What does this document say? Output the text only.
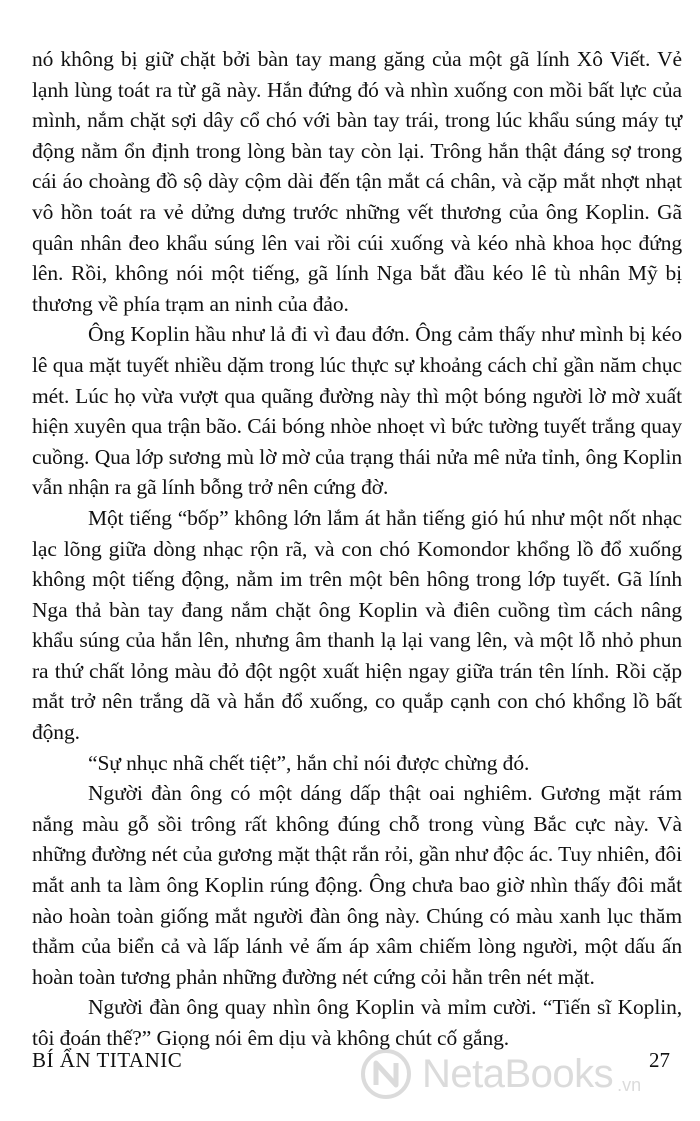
nó không bị giữ chặt bởi bàn tay mang găng của một gã lính Xô Viết. Vẻ lạnh lùng toát ra từ gã này. Hắn đứng đó và nhìn xuống con mồi bất lực của mình, nắm chặt sợi dây cổ chó với bàn tay trái, trong lúc khẩu súng máy tự động nằm ổn định trong lòng bàn tay còn lại. Trông hắn thật đáng sợ trong cái áo choàng đồ sộ dày cộm dài đến tận mắt cá chân, và cặp mắt nhợt nhạt vô hồn toát ra vẻ dửng dưng trước những vết thương của ông Koplin. Gã quân nhân đeo khẩu súng lên vai rồi cúi xuống và kéo nhà khoa học đứng lên. Rồi, không nói một tiếng, gã lính Nga bắt đầu kéo lê tù nhân Mỹ bị thương về phía trạm an ninh của đảo.

Ông Koplin hầu như lả đi vì đau đớn. Ông cảm thấy như mình bị kéo lê qua mặt tuyết nhiều dặm trong lúc thực sự khoảng cách chỉ gần năm chục mét. Lúc họ vừa vượt qua quãng đường này thì một bóng người lờ mờ xuất hiện xuyên qua trận bão. Cái bóng nhòe nhoẹt vì bức tường tuyết trắng quay cuồng. Qua lớp sương mù lờ mờ của trạng thái nửa mê nửa tỉnh, ông Koplin vẫn nhận ra gã lính bỗng trở nên cứng đờ.

Một tiếng “bốp” không lớn lắm át hẳn tiếng gió hú như một nốt nhạc lạc lõng giữa dòng nhạc rộn rã, và con chó Komondor khổng lồ đổ xuống không một tiếng động, nằm im trên một bên hông trong lớp tuyết. Gã lính Nga thả bàn tay đang nắm chặt ông Koplin và điên cuồng tìm cách nâng khẩu súng của hắn lên, nhưng âm thanh lạ lại vang lên, và một lỗ nhỏ phun ra thứ chất lỏng màu đỏ đột ngột xuất hiện ngay giữa trán tên lính. Rồi cặp mắt trở nên trắng dã và hắn đổ xuống, co quắp cạnh con chó khổng lồ bất động.

“Sự nhục nhã chết tiệt”, hắn chỉ nói được chừng đó.

Người đàn ông có một dáng dấp thật oai nghiêm. Gương mặt rám nắng màu gỗ sồi trông rất không đúng chỗ trong vùng Bắc cực này. Và những đường nét của gương mặt thật rắn rỏi, gần như độc ác. Tuy nhiên, đôi mắt anh ta làm ông Koplin rúng động. Ông chưa bao giờ nhìn thấy đôi mắt nào hoàn toàn giống mắt người đàn ông này. Chúng có màu xanh lục thăm thẳm của biển cả và lấp lánh vẻ ấm áp xâm chiếm lòng người, một dấu ấn hoàn toàn tương phản những đường nét cứng cỏi hằn trên nét mặt.

Người đàn ông quay nhìn ông Koplin và mỉm cười. “Tiến sĩ Koplin, tôi đoán thế?” Giọng nói êm dịu và không chút cố gắng.

BÍ ẨN TITANIC	NetaBooks .vn
27
